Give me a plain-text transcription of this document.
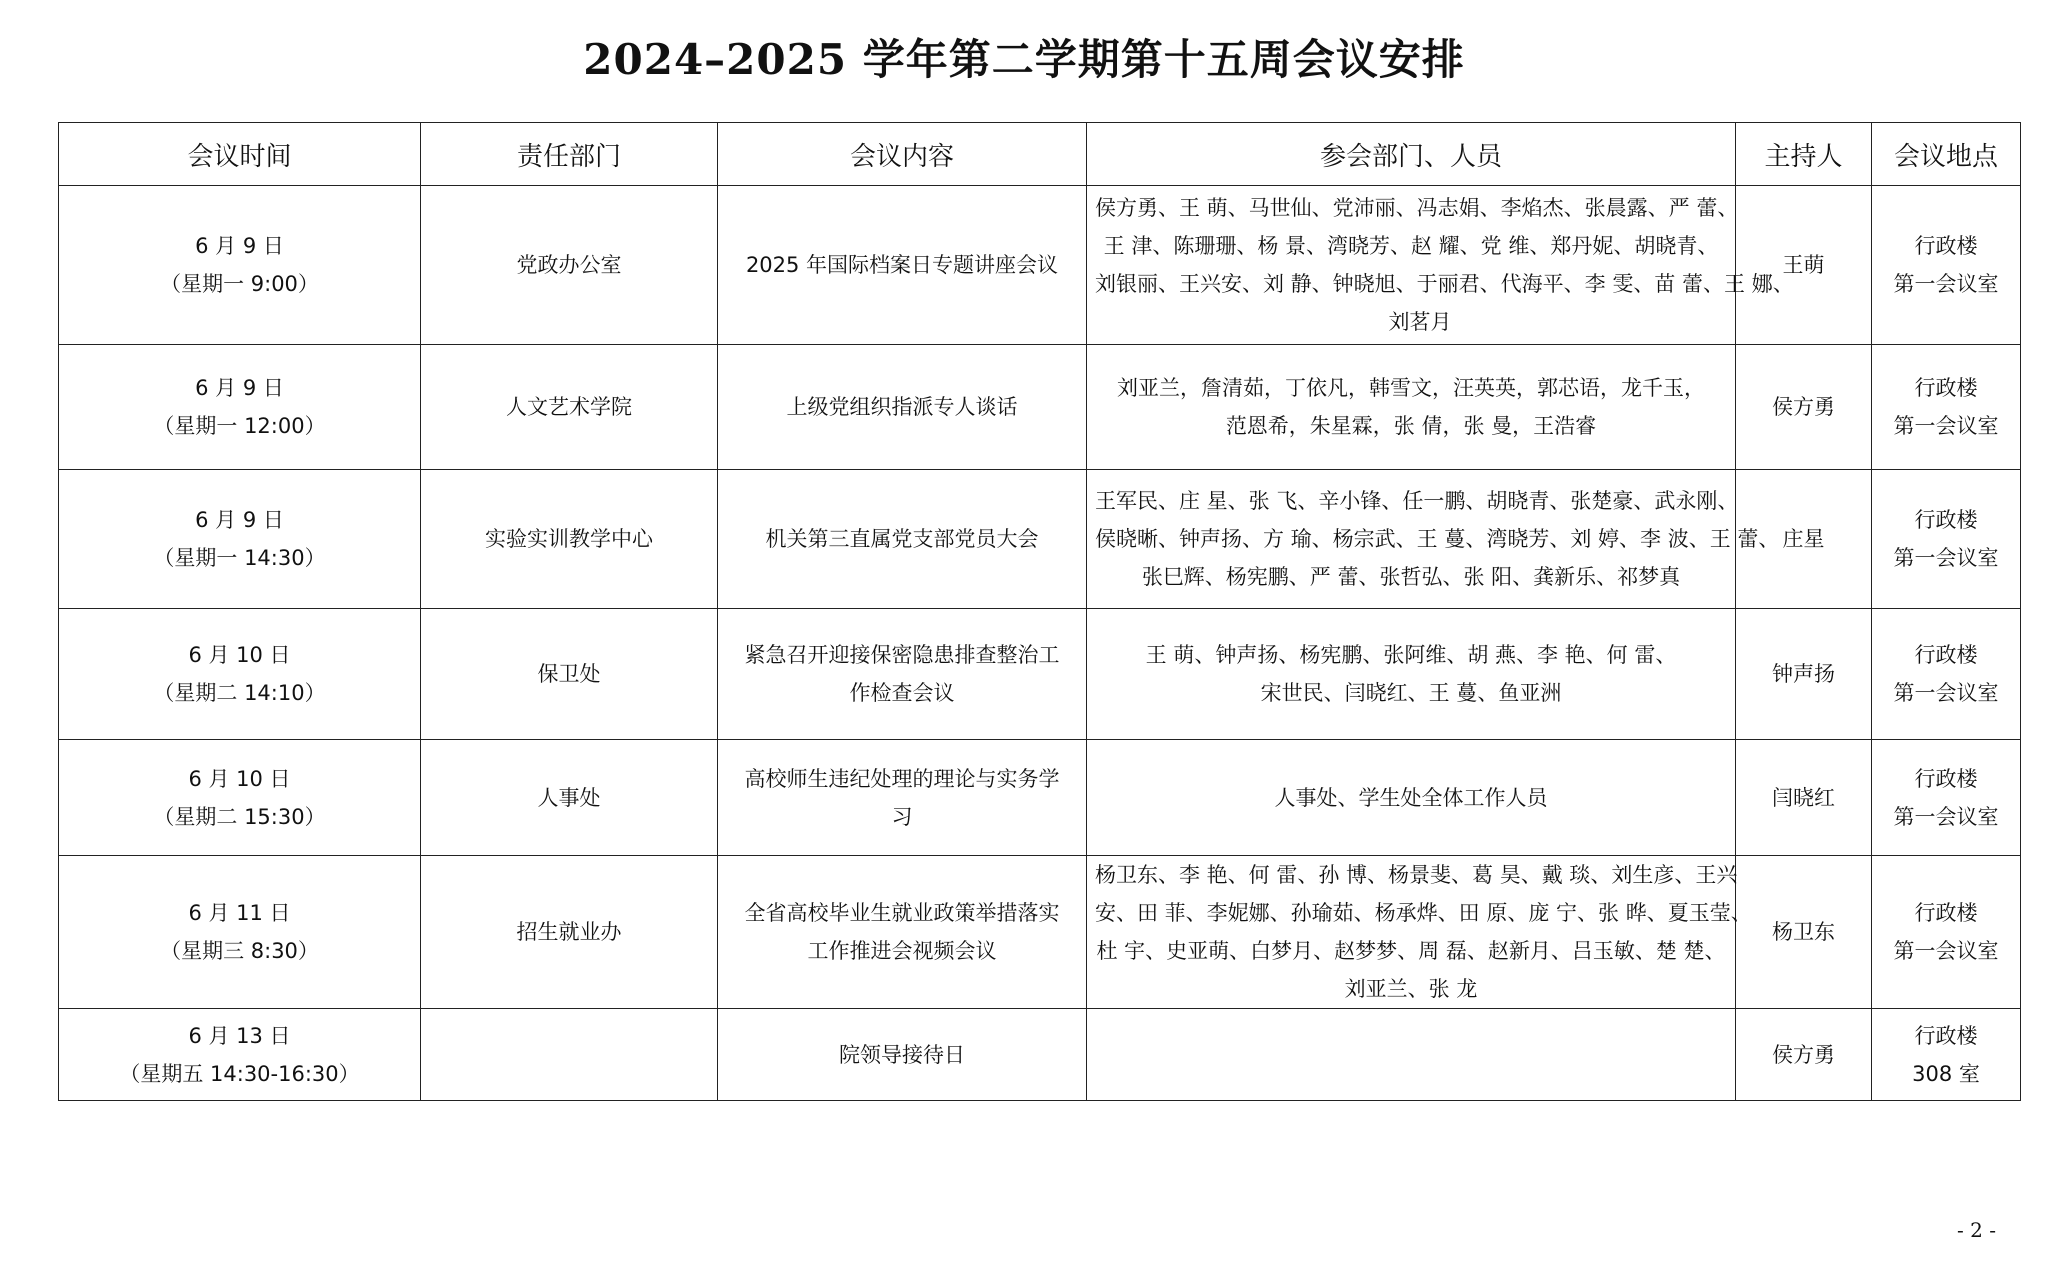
2024–2025 学年第二学期第十五周会议安排
会议时间	责任部门	会议内容	参会部门、人员	主持人	会议地点

6 月 9 日
（星期一 9:00）	党政办公室	2025 年国际档案日专题讲座会议	侯方勇、王 萌、马世仙、党沛丽、冯志娟、李焰杰、张晨露、严 蕾、
王 津、陈珊珊、杨 景、湾晓芳、赵 耀、党 维、郑丹妮、胡晓青、
刘银丽、王兴安、刘 静、钟晓旭、于丽君、代海平、李 雯、苗 蕾、王 娜、
刘茗月	王萌	行政楼
第一会议室

6 月 9 日
（星期一 12:00）	人文艺术学院	上级党组织指派专人谈话	刘亚兰，詹清茹，丁依凡，韩雪文，汪英英，郭芯语，龙千玉，
范恩希，朱星霖，张 倩，张 曼，王浩睿	侯方勇	行政楼
第一会议室

6 月 9 日
（星期一 14:30）	实验实训教学中心	机关第三直属党支部党员大会	王军民、庄 星、张 飞、辛小锋、任一鹏、胡晓青、张楚豪、武永刚、
侯晓晰、钟声扬、方 瑜、杨宗武、王 蔓、湾晓芳、刘 婷、李 波、王 蕾、
张巳辉、杨宪鹏、严 蕾、张哲弘、张 阳、龚新乐、祁梦真	庄星	行政楼
第一会议室

6 月 10 日
（星期二 14:10）	保卫处	紧急召开迎接保密隐患排查整治工
作检查会议	王 萌、钟声扬、杨宪鹏、张阿维、胡 燕、李 艳、何 雷、
宋世民、闫晓红、王 蔓、鱼亚洲	钟声扬	行政楼
第一会议室

6 月 10 日
（星期二 15:30）	人事处	高校师生违纪处理的理论与实务学
习	人事处、学生处全体工作人员	闫晓红	行政楼
第一会议室

6 月 11 日
（星期三 8:30）	招生就业办	全省高校毕业生就业政策举措落实
工作推进会视频会议	杨卫东、李 艳、何 雷、孙 博、杨景斐、葛 昊、戴 琰、刘生彦、王兴
安、田 菲、李妮娜、孙瑜茹、杨承烨、田 原、庞 宁、张 晔、夏玉莹、
杜 宇、史亚萌、白梦月、赵梦梦、周 磊、赵新月、吕玉敏、楚 楚、
刘亚兰、张 龙	杨卫东	行政楼
第一会议室

6 月 13 日
（星期五 14:30-16:30）		院领导接待日		侯方勇	行政楼
308 室
- 2 -
